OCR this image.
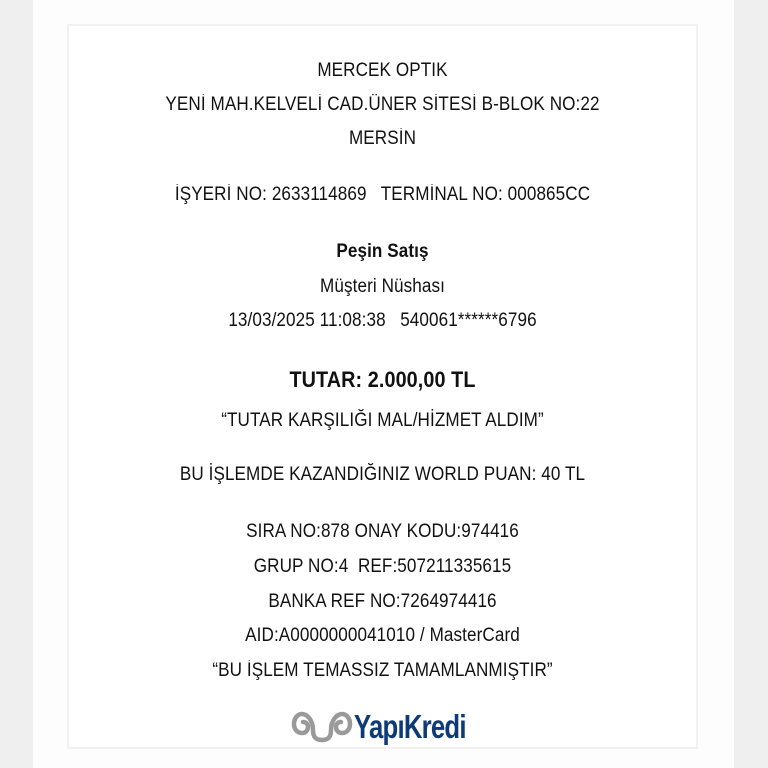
MERCEK OPTIK
YENİ MAH.KELVELİ CAD.ÜNER SİTESİ B-BLOK NO:22
MERSİN
İŞYERİ NO: 2633114869   TERMİNAL NO: 000865CC
Peşin Satış
Müşteri Nüshası
13/03/2025 11:08:38   540061******6796
TUTAR: 2.000,00 TL
“TUTAR KARŞILIĞI MAL/HİZMET ALDIM”
BU İŞLEMDE KAZANDIĞINIZ WORLD PUAN: 40 TL
SIRA NO:878 ONAY KODU:974416
GRUP NO:4  REF:507211335615
BANKA REF NO:7264974416
AID:A0000000041010 / MasterCard
“BU İŞLEM TEMASSIZ TAMAMLANMIŞTIR”
YapıKredi
